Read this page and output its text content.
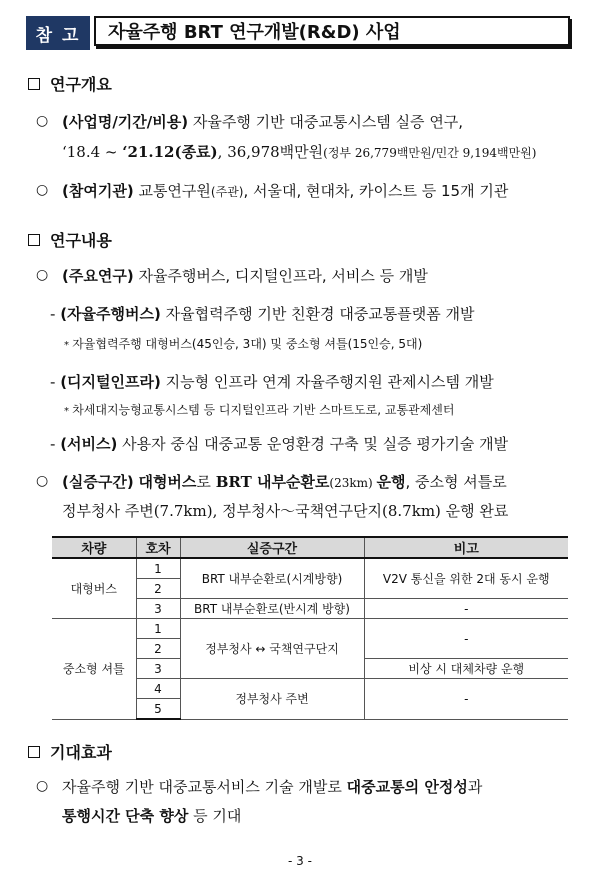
참 고	자율주행 BRT 연구개발(R&D) 사업
연구개요
○ (사업명/기간/비용) 자율주행 기반 대중교통시스템 실증 연구,
‘18.4 ~ ‘21.12(종료), 36,978백만원(정부 26,779백만원/민간 9,194백만원)
○ (참여기관) 교통연구원(주관), 서울대, 현대차, 카이스트 등 15개 기관
연구내용
○ (주요연구) 자율주행버스, 디지털인프라, 서비스 등 개발
- (자율주행버스) 자율협력주행 기반 친환경 대중교통플랫폼 개발
* 자율협력주행 대형버스(45인승, 3대) 및 중소형 셔틀(15인승, 5대)
- (디지털인프라) 지능형 인프라 연계 자율주행지원 관제시스템 개발
* 차세대지능형교통시스템 등 디지털인프라 기반 스마트도로, 교통관제센터
- (서비스) 사용자 중심 대중교통 운영환경 구축 및 실증 평가기술 개발
○ (실증구간) 대형버스로 BRT 내부순환로(23km) 운행, 중소형 셔틀로
정부청사 주변(7.7km), 정부청사～국책연구단지(8.7km) 운행 완료
차량	호차	실증구간	비고
대형버스	1	BRT 내부순환로(시계방향)	V2V 통신을 위한 2대 동시 운행
	2		
	3	BRT 내부순환로(반시계 방향)	-
중소형 셔틀	1	정부청사 ↔ 국책연구단지	-
	2		
	3		비상 시 대체차량 운행
	4	정부청사 주변	-
	5		
기대효과
○ 자율주행 기반 대중교통서비스 기술 개발로 대중교통의 안정성과
통행시간 단축 향상 등 기대
- 3 -
